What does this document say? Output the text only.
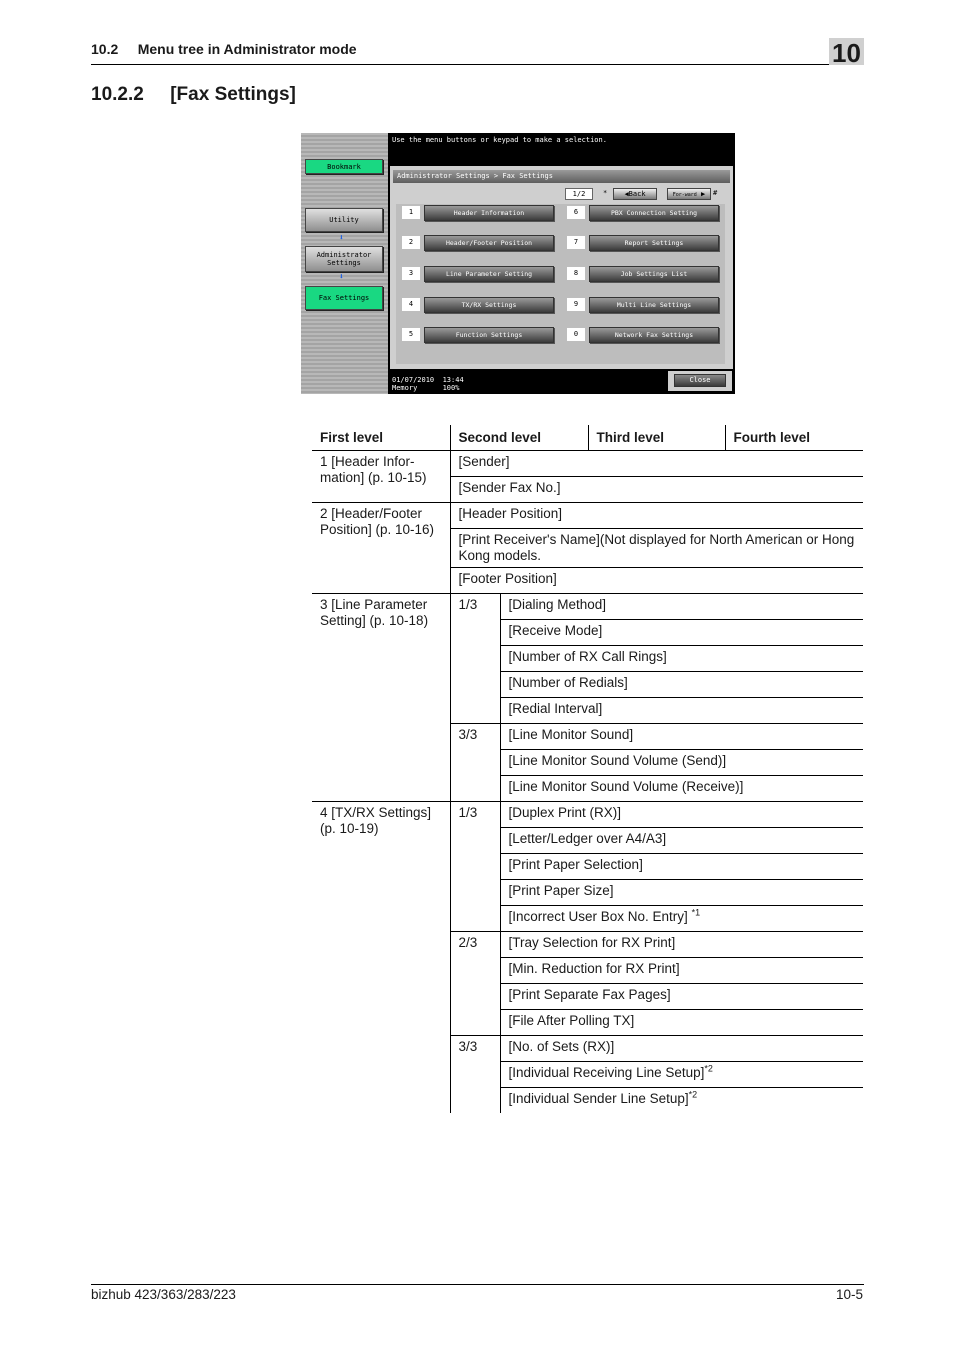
10.2 Menu tree in Administrator mode	10
10.2.2 [Fax Settings]
Bookmark
Utility
⬇
Administrator Settings
⬇
Fax Settings
Use the menu buttons or keypad to make a selection.
Administrator Settings > Fax Settings
1/2	*	◀Back	For-ward ▶	#
1	Header Information
2	Header/Footer Position
3	Line Parameter Setting
4	TX/RX Settings
5	Function Settings
6	PBX Connection Setting
7	Report Settings
8	Job Settings List
9	Multi Line Settings
0	Network Fax Settings
01/07/2010 13:44
Memory	100%
Close
First level	Second level		Third level	Fourth level
1 [Header Infor-mation] (p. 10-15)	[Sender]			
	[Sender Fax No.]			
2 [Header/Footer Position] (p. 10-16)	[Header Position]			
	[Print Receiver's Name](Not displayed for North American or Hong Kong models.			
	[Footer Position]			
3 [Line Parameter Setting] (p. 10-18)	1/3	[Dialing Method]		
		[Receive Mode]		
		[Number of RX Call Rings]		
		[Number of Redials]		
		[Redial Interval]		
	3/3	[Line Monitor Sound]		
		[Line Monitor Sound Volume (Send)]		
		[Line Monitor Sound Volume (Receive)]		
4 [TX/RX Settings] (p. 10-19)	1/3	[Duplex Print (RX)]		
		[Letter/Ledger over A4/A3]		
		[Print Paper Selection]		
		[Print Paper Size]		
		[Incorrect User Box No. Entry] $^{*1}$
	2/3	[Tray Selection for RX Print]		
		[Min. Reduction for RX Print]		
		[Print Separate Fax Pages]		
		[File After Polling TX]		
	3/3	[No. of Sets (RX)]		
		[Individual Receiving Line Setup]$^{*2}$
		[Individual Sender Line Setup]$^{*2}$
bizhub 423/363/283/223	10-5
